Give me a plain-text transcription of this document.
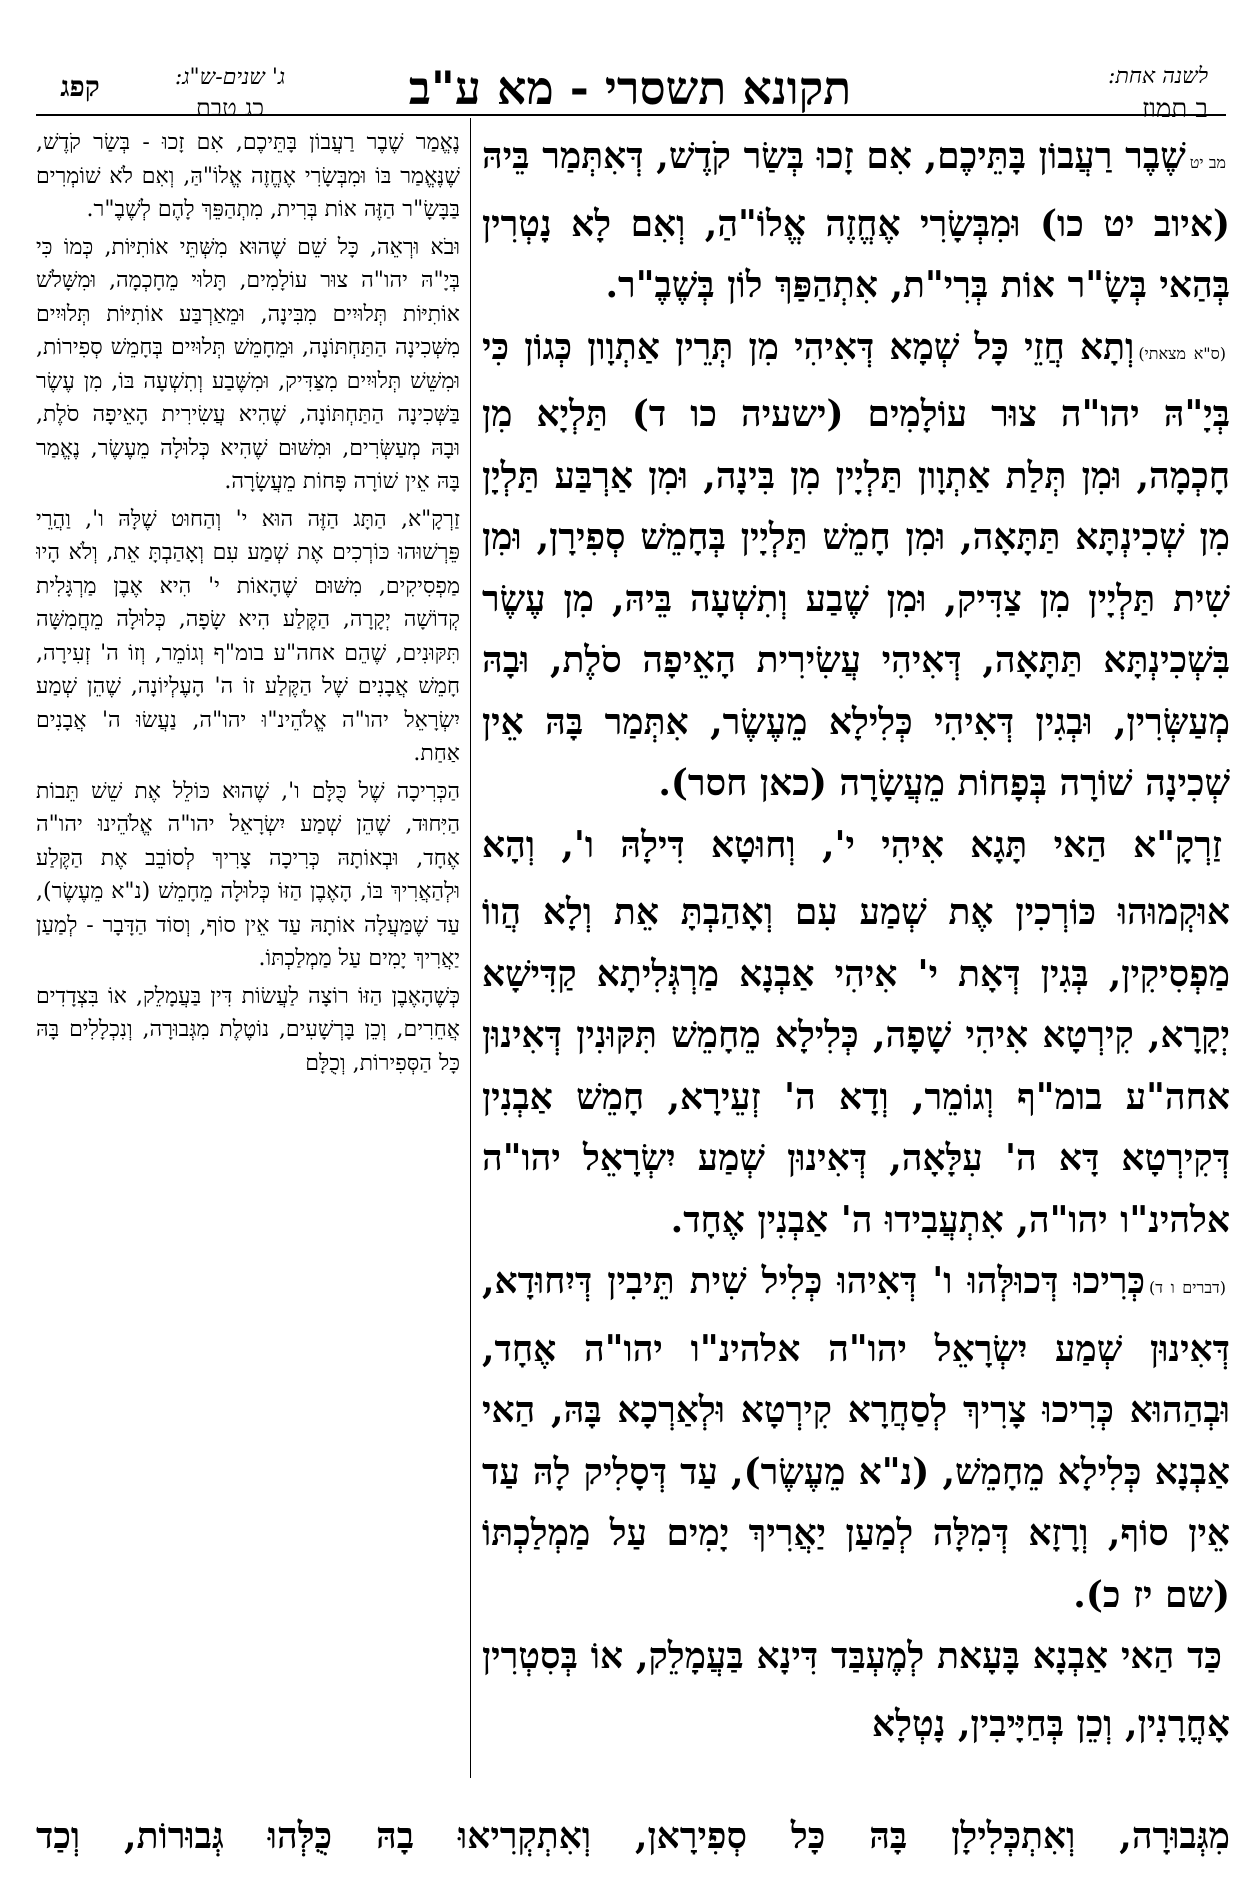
לשנה אחת:
ב תמוז
תקונא תשסרי - מא ע"ב
ג' שנים-ש"ג:
כג טבת
קפג

מב יטשֶׁבֶר רַעֲבוֹן בָּתֵּיכֶם, אִם זָכוּ בְּשַׂר קֹדֶשׁ, דְּאִתְּמַר בֵּיהּ (איוב יט כו) וּמִבְּשָׂרִי אֶחֱזֶה אֱלוֹ"הַ, וְאִם לָא נָטְרִין בְּהַאי בְּשָׂ"ר אוֹת בְּרִי"ת, אִתְהַפַּךְ לוֹן בְּשֶׁבֶ"ר.

(ס"א מצאתי)וְתָא חֲזֵי כָּל שְׁמָא דְּאִיהִי מִן תְּרֵין אַתְוָון כְּגוֹן כִּי בְּיָ"הּ יהו"ה צוּר עוֹלָמִים (ישעיה כו ד) תַּלְיָא מִן חָכְמָה, וּמִן תְּלַת אַתְוָון תַּלְיָין מִן בִּינָה, וּמִן אַרְבַּע תַּלְיָן מִן שְׁכִינְתָּא תַּתָּאָה, וּמִן חָמֵשׁ תַּלְיָין בְּחָמֵשׁ סְפִירָן, וּמִן שִׁית תַּלְיָין מִן צַדִּיק, וּמִן שֶׁבַע וְתִשְׁעָה בֵּיהּ, מִן עֶשֶׂר בִּשְׁכִינְתָּא תַּתָּאָה, דְּאִיהִי עֲשִׂירִית הָאֵיפָה סֹלֶת, וּבָהּ מְעַשְּׂרִין, וּבְגִין דְּאִיהִי כְּלִילָא מֵעֶשֶׂר, אִתְּמַר בָּהּ אֵין שְׁכִינָה שׁוֹרָה בְּפָחוֹת מֵעֲשָׂרָה (כאן חסר).

זַרְקָ"א הַאי תָּגָא אִיהִי י', וְחוּטָא דִּילָהּ ו', וְהָא אוּקְמוּהוּ כּוֹרְכִין אֶת שְׁמַע עִם וְאָהַבְתָּ אֵת וְלָא הֲווֹ מַפְסִיקִין, בְּגִין דְּאָת י' אִיהִי אַבְנָא מַרְגְּלִיתָא קַדִּישָׁא יְקָרָא, קִירְטָא אִיהִי שָׁפָה, כְּלִילָא מֵחָמֵשׁ תִּקּוּנִין דְּאִינוּן אחה"ע בומ"ף וְגוֹמֵר, וְדָא ה' זְעֵירָא, חָמֵשׁ אַבְנִין דְּקִירְטָא דָּא ה' עִלָּאָה, דְּאִינוּן שְׁמַע יִשְׂרָאֵל יהו"ה אלהינ"ו יהו"ה, אִתְעֲבִידוּ ה' אַבְנִין אֶחָד.

(דברים ו ד)כְּרִיכוּ דְּכוּלְּהוּ ו' דְּאִיהוּ כְּלִיל שִׁית תֵּיבִין דְּיִחוּדָא, דְּאִינוּן שְׁמַע יִשְׂרָאֵל יהו"ה אלהינ"ו יהו"ה אֶחָד, וּבְהַהוּא כְּרִיכוּ צָרִיךְ לְסַחֲרָא קִירְטָא וּלְאַרְכָא בָּהּ, הַאי אַבְנָא כְּלִילָא מֵחָמֵשׁ, (נ"א מֵעֶשֶׂר), עַד דְּסָלִיק לָהּ עַד אֵין סוֹף, וְרָזָא דְּמִלָּה לְמַעַן יַאֲרִיךְ יָמִים עַל מַמְלַכְתּוֹ (שם יז כ).

כַּד הַאי אַבְנָא בָּעָאת לְמֶעְבַּד דִּינָא בַּעֲמָלֵק, אוֹ בְּסִטְרִין אָחֳרָנִין, וְכֵן בְּחַיָּיבִין, נָטְלָא

נֶאֱמַר שֶׁבֶר רַעֲבוֹן בָּתֵּיכֶם, אִם זָכוּ - בְּשַׂר קֹדֶשׁ, שֶׁנֶּאֱמַר בּוֹ וּמִבְּשָׂרִי אֶחֱזֶה אֱלוֹ"הַּ, וְאִם לֹא שׁוֹמְרִים בַּבָּשָׂ"ר הַזֶּה אוֹת בְּרִית, מִתְהַפֵּךְ לָהֶם לְשֶׁבֶ"ר.

וּבֹא וּרְאֵה, כָּל שֵׁם שֶׁהוּא מִשְּׁתֵּי אוֹתִיּוֹת, כְּמוֹ כִּי בְּיָ"הּ יהו"ה צוּר עוֹלָמִים, תָּלוּי מֵחָכְמָה, וּמִשָּׁלֹשׁ אוֹתִיּוֹת תְּלוּיִים מִבִּינָה, וּמֵאַרְבַּע אוֹתִיּוֹת תְּלוּיִים מִשְּׁכִינָה הַתַּחְתּוֹנָה, וּמֵחָמֵשׁ תְּלוּיִים בְּחָמֵשׁ סְפִירוֹת, וּמִשֵּׁשׁ תְּלוּיִים מִצַּדִּיק, וּמִשֶּׁבַע וְתִשְׁעָה בּוֹ, מִן עֶשֶׂר בַּשְּׁכִינָה הַתַּחְתּוֹנָה, שֶׁהִיא עֲשִׂירִית הָאֵיפָה סֹלֶת, וּבָהּ מְעַשְּׂרִים, וּמִשּׁוּם שֶׁהִיא כְּלוּלָה מֵעֶשֶׂר, נֶאֱמַר בָּהּ אֵין שׁוֹרָה פָּחוֹת מֵעֲשָׂרָה.

זַרְקָ"א, הַתָּג הַזֶּה הוּא י' וְהַחוּט שֶׁלָּהּ ו', וַהֲרֵי פֵּרְשׁוּהוּ כּוֹרְכִים אֶת שְׁמַע עִם וְאָהַבְתָּ אֵת, וְלֹא הָיוּ מַפְסִיקִים, מִשּׁוּם שֶׁהָאוֹת י' הִיא אֶבֶן מַרְגָּלִית קְדוֹשָׁה יְקָרָה, הַקֶּלַע הִיא שָׂפָה, כְּלוּלָה מֵחֲמִשָּׁה תִּקּוּנִים, שֶׁהֵם אחה"ע בומ"ף וְגוֹמֵר, וְזוֹ ה' זְעִירָה, חָמֵשׁ אֲבָנִים שֶׁל הַקֶּלַע זוֹ ה' הָעֶלְיוֹנָה, שֶׁהֵן שְׁמַע יִשְׂרָאֵל יהו"ה אֱלֹהֵינ"וּ יהו"ה, נַעֲשׂוּ ה' אֲבָנִים אַחַת.

הַכְּרִיכָה שֶׁל כֻּלָּם ו', שֶׁהוּא כּוֹלֵל אֶת שֵׁשׁ תֵּבוֹת הַיִּחוּד, שֶׁהֵן שְׁמַע יִשְׂרָאֵל יהו"ה אֱלֹהֵינוּ יהו"ה אֶחָד, וּבְאוֹתָהּ כְּרִיכָה צָרִיךְ לְסוֹבֵב אֶת הַקֶּלַע וּלְהַאֲרִיךְ בּוֹ, הָאֶבֶן הַזּוֹ כְּלוּלָה מֵחָמֵשׁ (נ"א מֵעֶשֶׂר), עַד שֶׁמַּעֲלָה אוֹתָהּ עַד אֵין סוֹף, וְסוֹד הַדָּבָר - לְמַעַן יַאֲרִיךְ יָמִים עַל מַמְלַכְתּוֹ.

כְּשֶׁהָאֶבֶן הַזּוֹ רוֹצָה לַעֲשׂוֹת דִּין בַּעֲמָלֵק, אוֹ בִּצְדָדִים אֲחֵרִים, וְכֵן בָּרְשָׁעִים, נוֹטֶלֶת מִגְּבוּרָה, וְנִכְלָלִים בָּהּ כָּל הַסְּפִירוֹת, וְכֻלָּם

מִגְּבוּרָה, וְאִתְכְּלִילָן בָּהּ כָּל סְפִירָאן, וְאִתְקְרִיאוּ בָהּ כֻּלְּהוּ גְּבוּרוֹת, וְכַד
